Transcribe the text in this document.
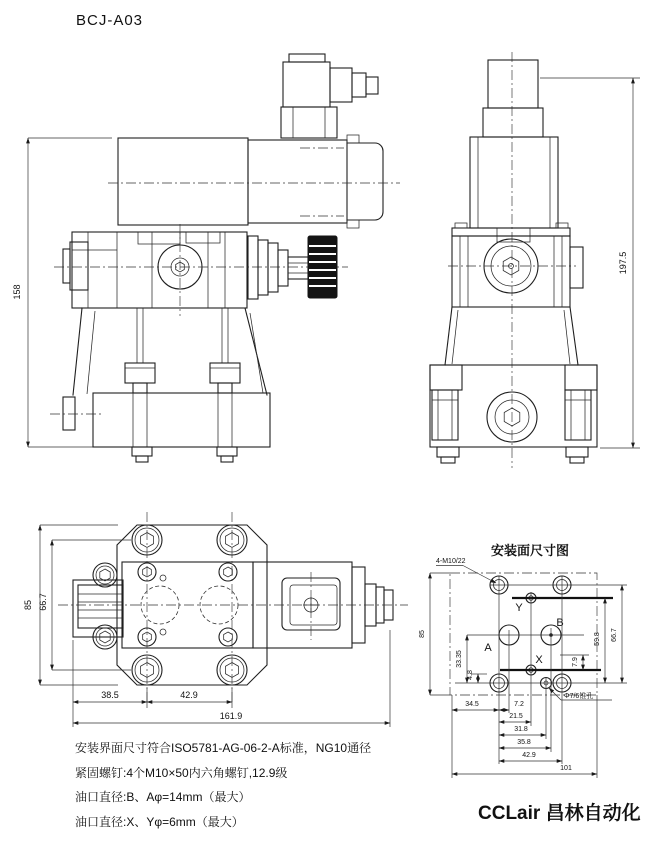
BCJ-A03
158
197.5
85 66.7
38.5	42.9
161.9
安装面尺寸图
Y
B
A
X
85
33.35
4.8
7.9
59.8 66.7
34.5	7.2
21.5
31.8
35.8
42.9
101
4-M10/22
Φ7/6锥孔
安装界面尺寸符合ISO5781-AG-06-2-A标准，NG10通径
紧固螺钉:4个M10×50内六角螺钉,12.9级
油口直径:B、Aφ=14mm（最大）
油口直径:X、Yφ=6mm（最大）	CCLair 昌林自动化
